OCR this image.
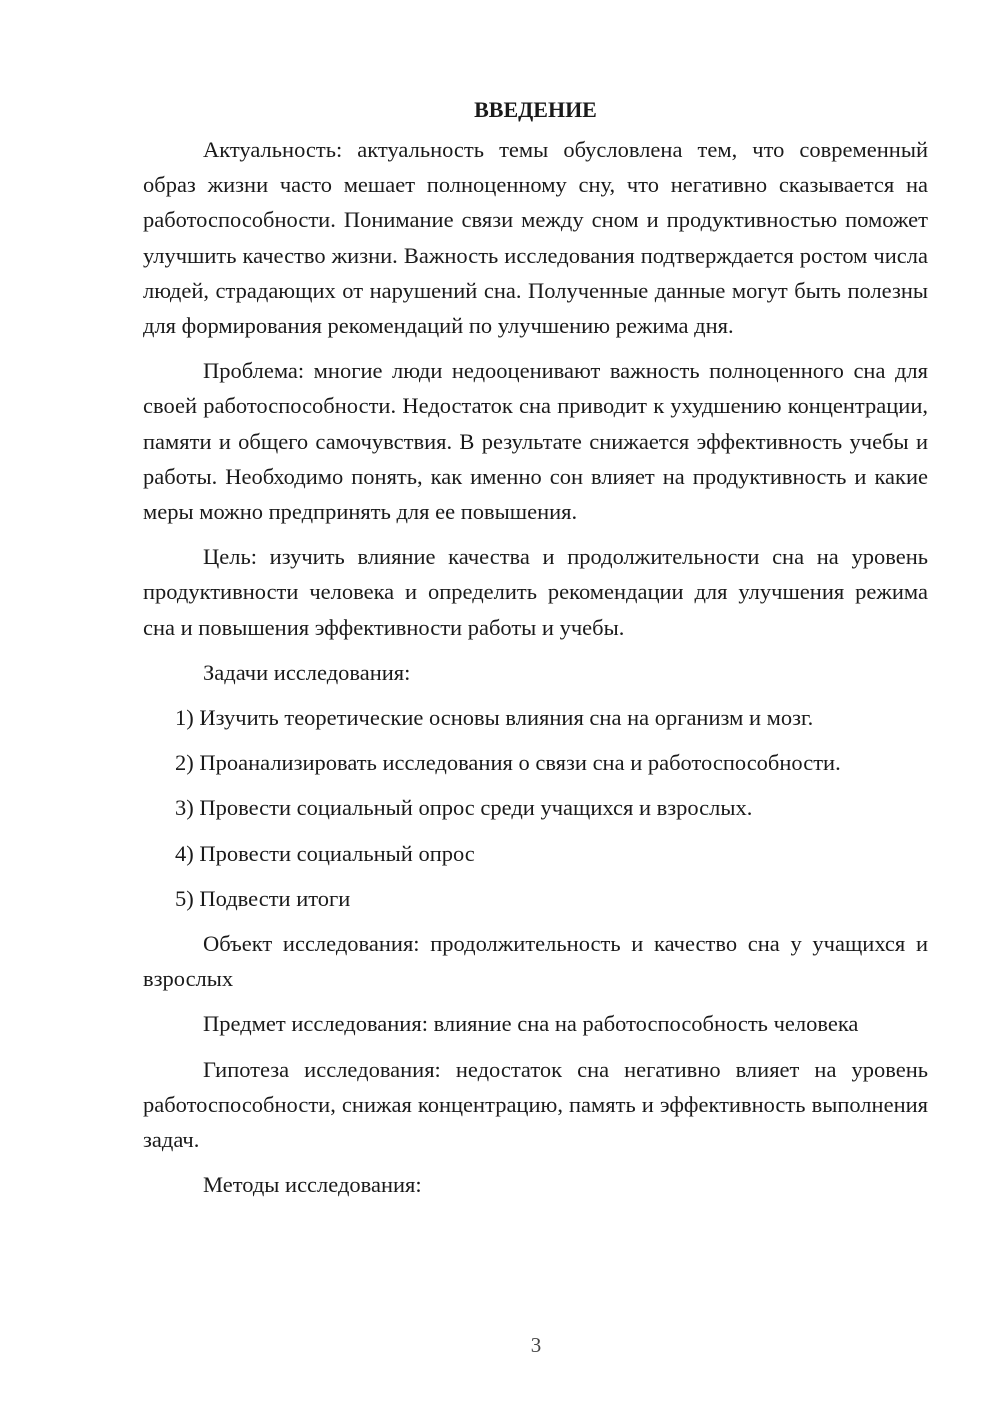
ВВЕДЕНИЕ

Актуальность: актуальность темы обусловлена тем, что современный образ жизни часто мешает полноценному сну, что негативно сказывается на работоспособности. Понимание связи между сном и продуктивностью поможет улучшить качество жизни. Важность исследования подтверждается ростом числа людей, страдающих от нарушений сна. Полученные данные могут быть полезны для формирования рекомендаций по улучшению режима дня.

Проблема: многие люди недооценивают важность полноценного сна для своей работоспособности. Недостаток сна приводит к ухудшению концентрации, памяти и общего самочувствия. В результате снижается эффективность учебы и работы. Необходимо понять, как именно сон влияет на продуктивность и какие меры можно предпринять для ее повышения.

Цель: изучить влияние качества и продолжительности сна на уровень продуктивности человека и определить рекомендации для улучшения режима сна и повышения эффективности работы и учебы.

Задачи исследования:

1) Изучить теоретические основы влияния сна на организм и мозг.
2) Проанализировать исследования о связи сна и работоспособности.
3) Провести социальный опрос среди учащихся и взрослых.
4) Провести социальный опрос
5) Подвести итоги

Объект исследования: продолжительность и качество сна у учащихся и взрослых

Предмет исследования: влияние сна на работоспособность человека

Гипотеза исследования: недостаток сна негативно влияет на уровень работоспособности, снижая концентрацию, память и эффективность выполнения задач.

Методы исследования:

3
